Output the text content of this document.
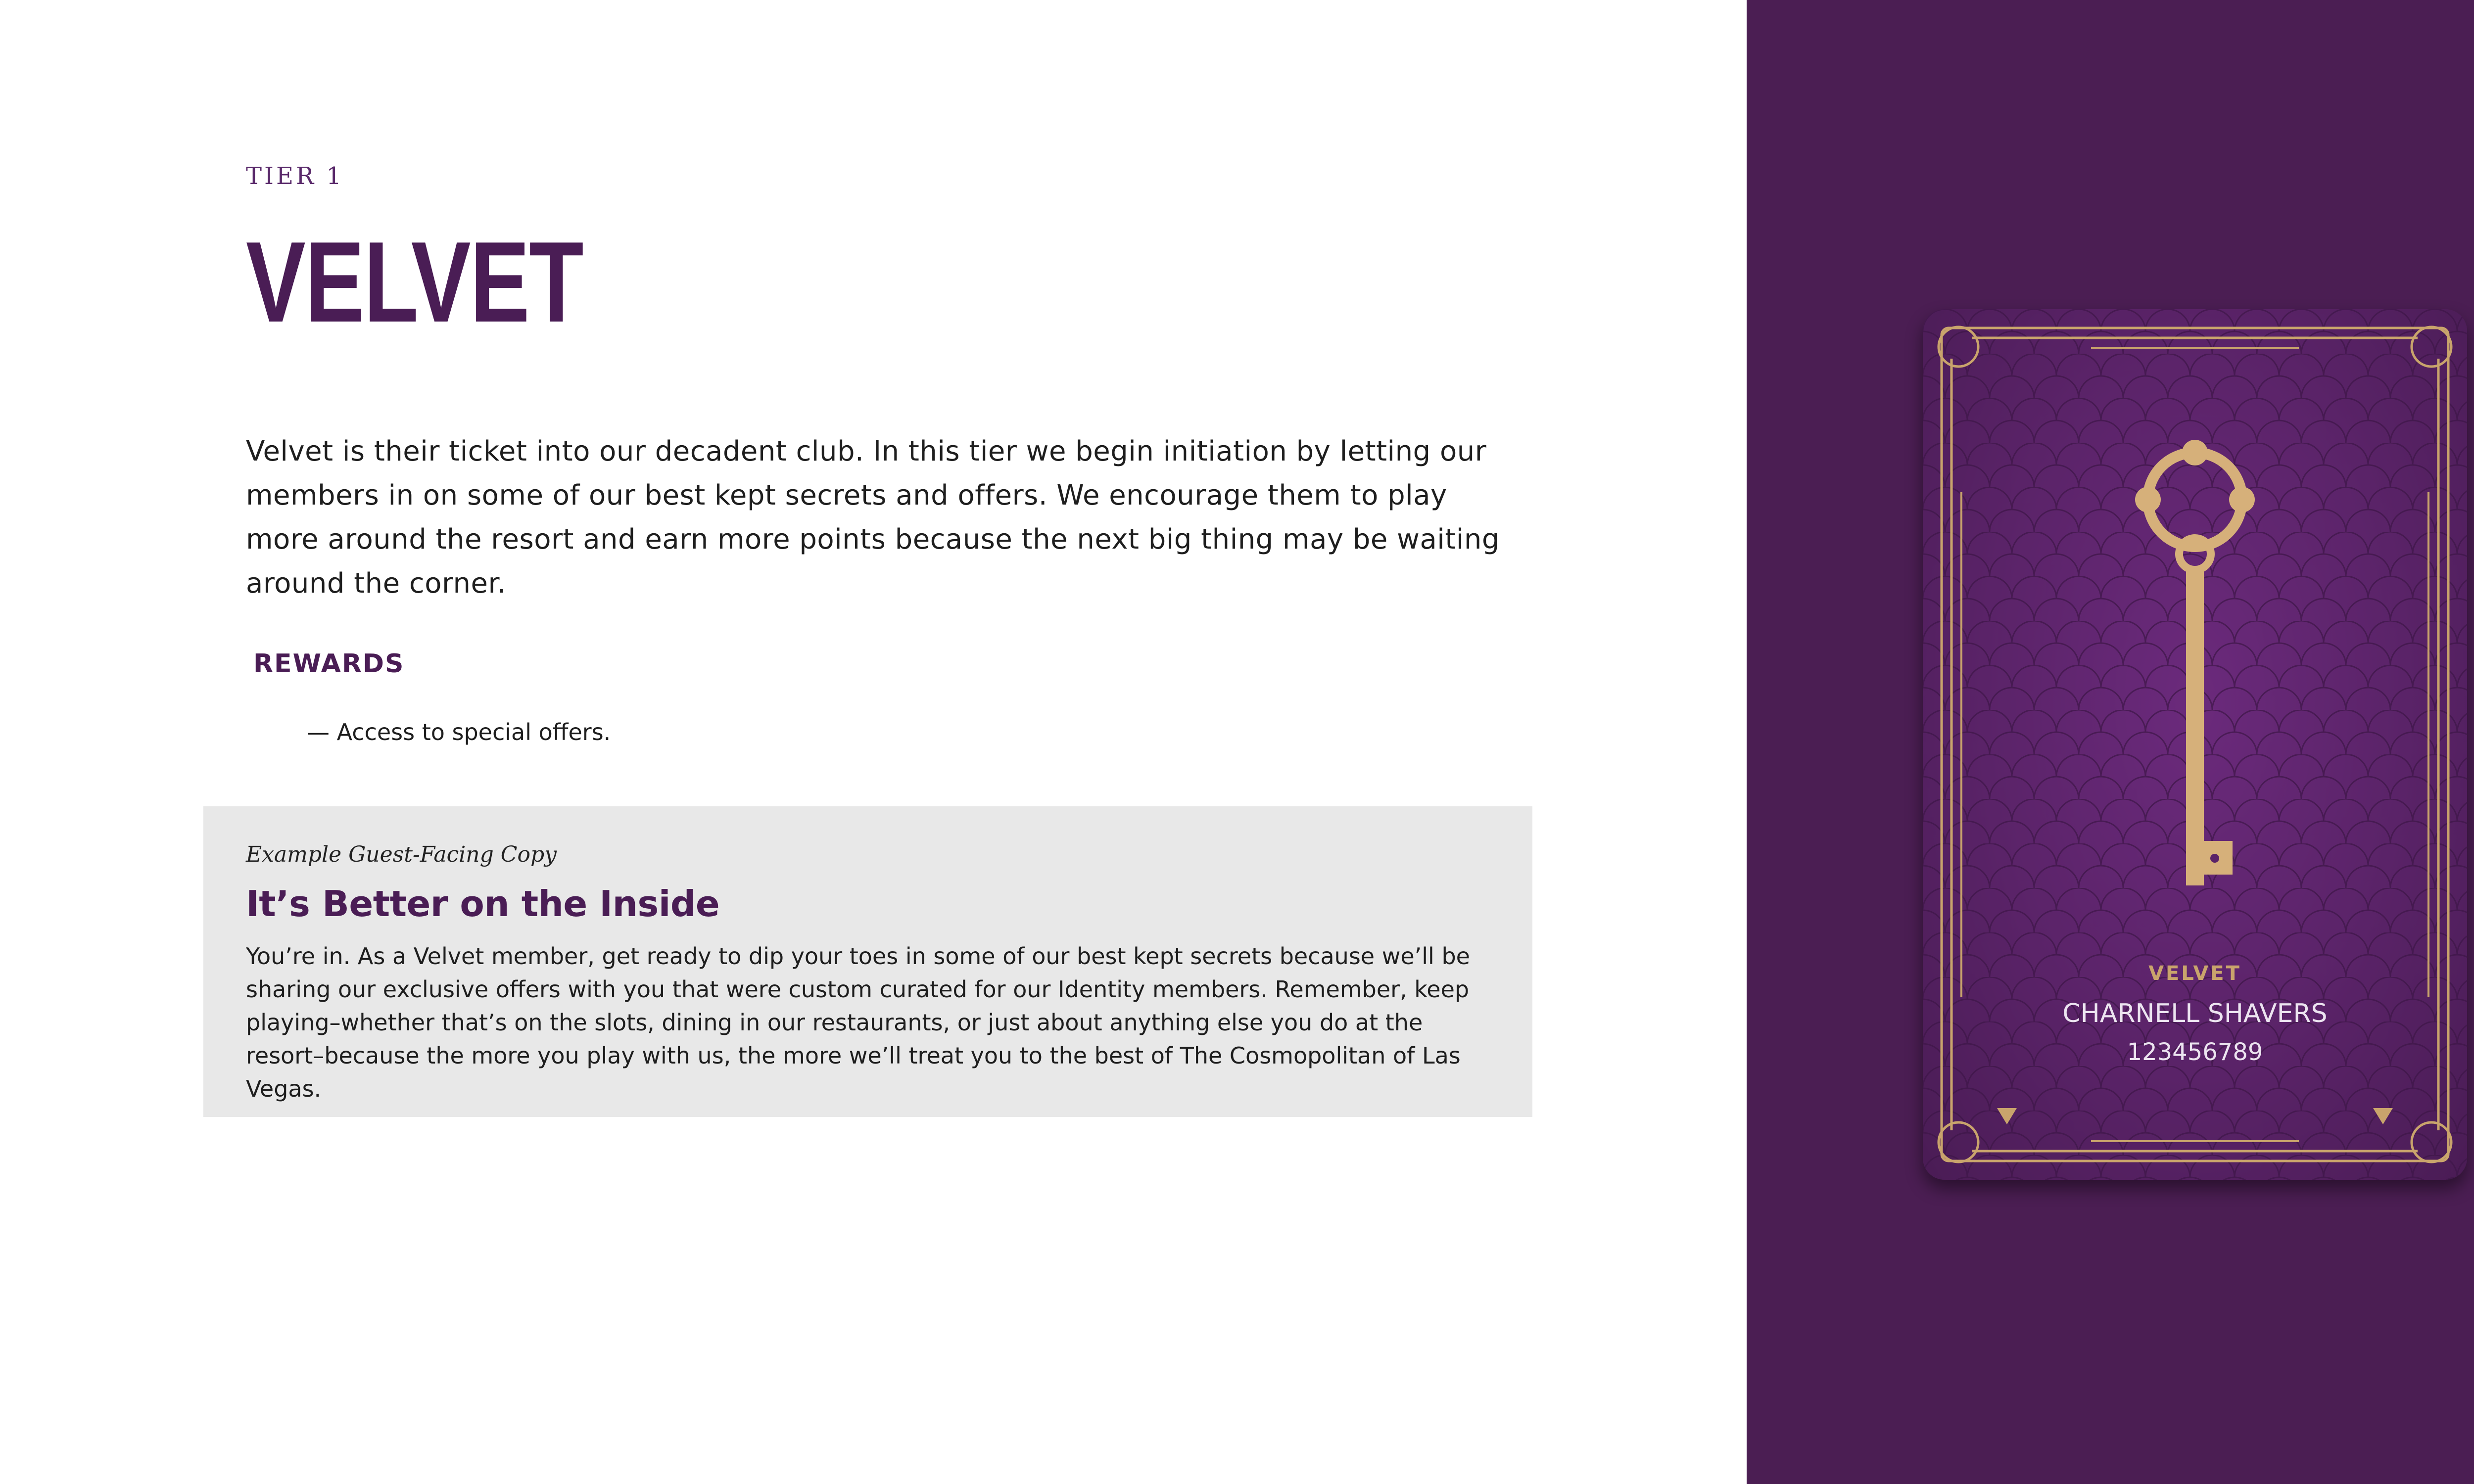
TIER 1

VELVET

Velvet is their ticket into our decadent club. In this tier we begin initiation by letting our members in on some of our best kept secrets and offers. We encourage them to play more around the resort and earn more points because the next big thing may be waiting around the corner.

REWARDS
— Access to special offers.

Example Guest-Facing Copy

It’s Better on the Inside

You’re in. As a Velvet member, get ready to dip your toes in some of our best kept secrets because we’ll be sharing our exclusive offers with you that were custom curated for our Identity members. Remember, keep playing–whether that’s on the slots, dining in our restaurants, or just about anything else you do at the resort–because the more you play with us, the more we’ll treat you to the best of The Cosmopolitan of Las Vegas.

VELVET

CHARNELL SHAVERS

123456789
